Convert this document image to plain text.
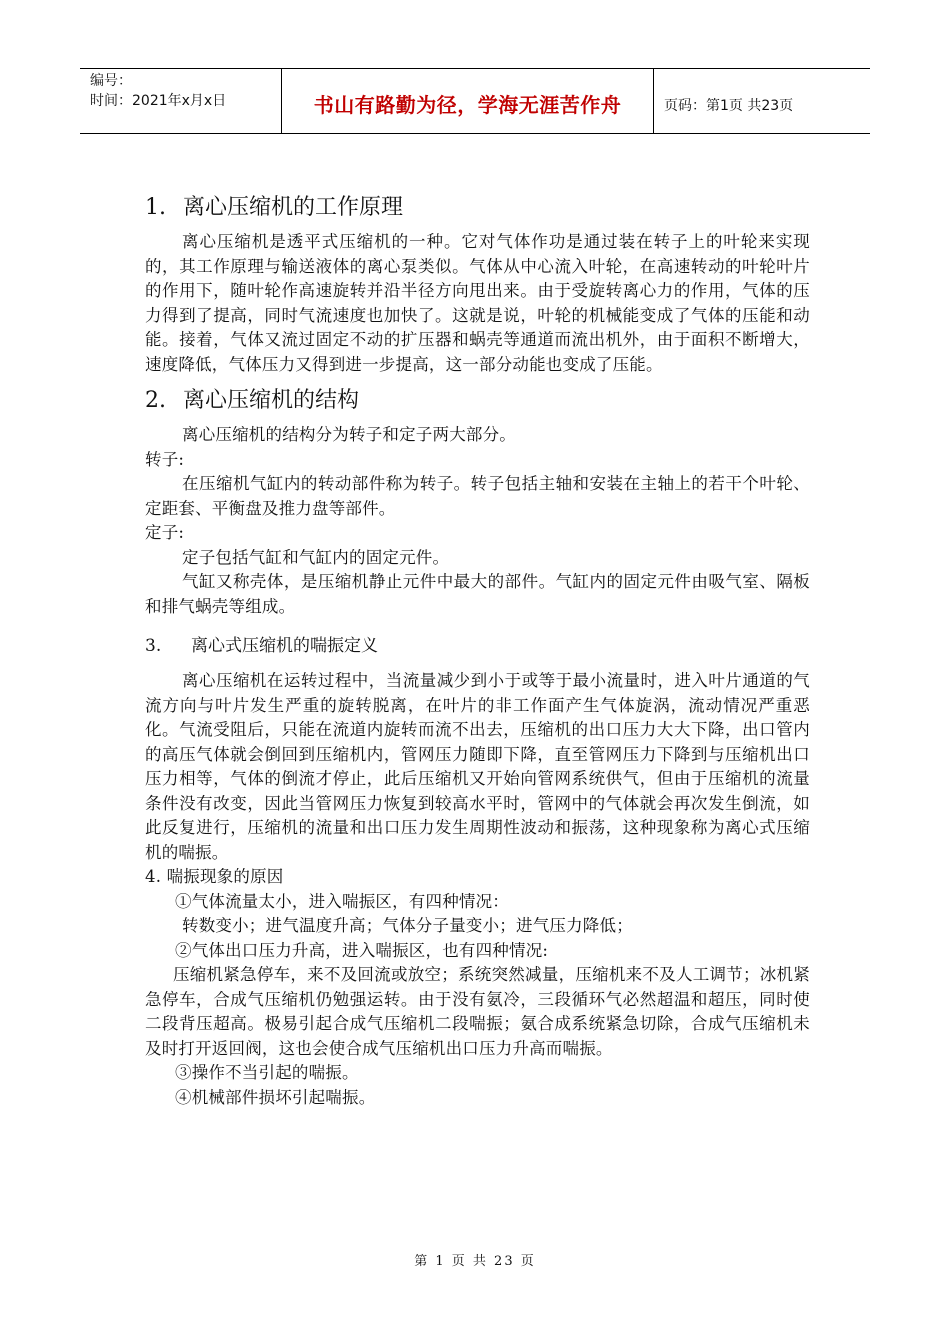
编号：
时间：2021年x月x日	书山有路勤为径，学海无涯苦作舟	页码：第1页 共23页
1. 离心压缩机的工作原理

离心压缩机是透平式压缩机的一种。它对气体作功是通过装在转子上的叶轮来实现的，其工作原理与输送液体的离心泵类似。气体从中心流入叶轮，在高速转动的叶轮叶片的作用下，随叶轮作高速旋转并沿半径方向甩出来。由于受旋转离心力的作用，气体的压力得到了提高，同时气流速度也加快了。这就是说，叶轮的机械能变成了气体的压能和动能。接着，气体又流过固定不动的扩压器和蜗壳等通道而流出机外，由于面积不断增大，速度降低，气体压力又得到进一步提高，这一部分动能也变成了压能。

2. 离心压缩机的结构

离心压缩机的结构分为转子和定子两大部分。

转子:

在压缩机气缸内的转动部件称为转子。转子包括主轴和安装在主轴上的若干个叶轮、定距套、平衡盘及推力盘等部件。

定子:

定子包括气缸和气缸内的固定元件。

气缸又称壳体，是压缩机静止元件中最大的部件。气缸内的固定元件由吸气室、隔板和排气蜗壳等组成。

3. 离心式压缩机的喘振定义

离心压缩机在运转过程中，当流量减少到小于或等于最小流量时，进入叶片通道的气流方向与叶片发生严重的旋转脱离，在叶片的非工作面产生气体旋涡，流动情况严重恶化。气流受阻后，只能在流道内旋转而流不出去，压缩机的出口压力大大下降，出口管内的高压气体就会倒回到压缩机内，管网压力随即下降，直至管网压力下降到与压缩机出口压力相等，气体的倒流才停止，此后压缩机又开始向管网系统供气，但由于压缩机的流量条件没有改变，因此当管网压力恢复到较高水平时，管网中的气体就会再次发生倒流，如此反复进行，压缩机的流量和出口压力发生周期性波动和振荡，这种现象称为离心式压缩机的喘振。

4. 喘振现象的原因

①气体流量太小，进入喘振区，有四种情况：

转数变小；进气温度升高；气体分子量变小；进气压力降低；

②气体出口压力升高，进入喘振区，也有四种情况:

压缩机紧急停车，来不及回流或放空；系统突然减量，压缩机来不及人工调节；冰机紧急停车，合成气压缩机仍勉强运转。由于没有氨冷，三段循环气必然超温和超压，同时使二段背压超高。极易引起合成气压缩机二段喘振；氨合成系统紧急切除，合成气压缩机未及时打开返回阀，这也会使合成气压缩机出口压力升高而喘振。

③操作不当引起的喘振。

④机械部件损坏引起喘振。

第 1 页 共 23 页
